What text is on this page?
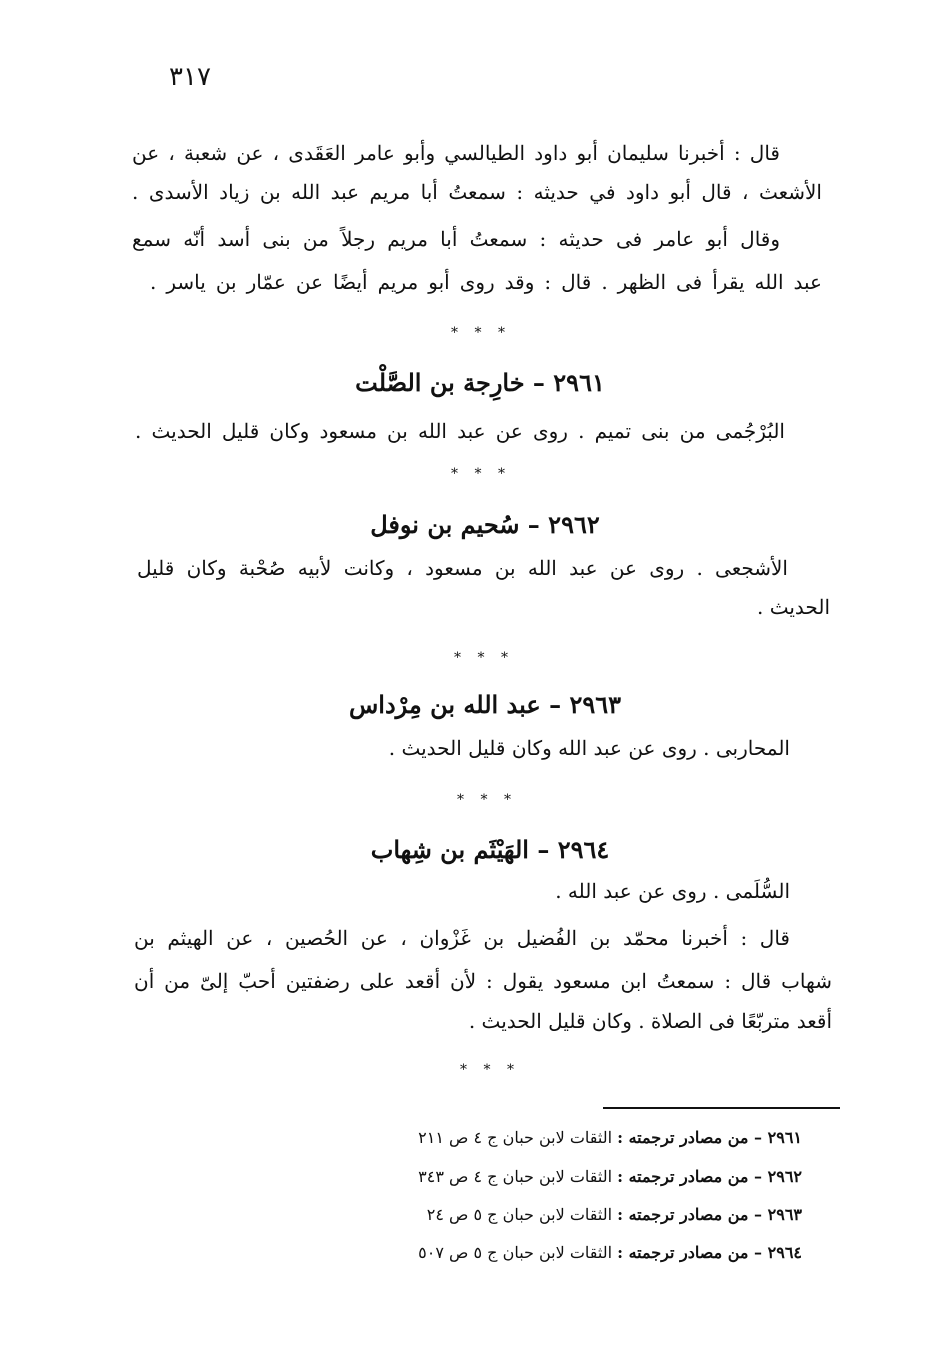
٣١٧
قال : أخبرنا سليمان أبو داود الطيالسي وأبو عامر العَقَدى ، عن شعبة ، عن
الأشعث ، قال أبو داود في حديثه : سمعتُ أبا مريم عبد الله بن زياد الأسدى .
وقال أبو عامر فى حديثه : سمعتُ أبا مريم رجلاً من بنى أسد أنّه سمع
عبد الله يقرأ فى الظهر . قال : وقد روى أبو مريم أيضًا عن عمّار بن ياسر .
* * *
٢٩٦١ – خارِجة بن الصَّلْت
البُرْجُمى من بنى تميم . روى عن عبد الله بن مسعود وكان قليل الحديث .
* * *
٢٩٦٢ – سُحيم بن نوفل
الأشجعى . روى عن عبد الله بن مسعود ، وكانت لأبيه صُحْبة وكان قليل
الحديث .
* * *
٢٩٦٣ – عبد الله بن مِرْداس
المحاربى . روى عن عبد الله وكان قليل الحديث .
* * *
٢٩٦٤ – الهَيْثَم بن شِهاب
السُّلَمى . روى عن عبد الله .
قال : أخبرنا محمّد بن الفُضيل بن غَزْوان ، عن الحُصين ، عن الهيثم بن
شهاب قال : سمعتُ ابن مسعود يقول : لأن أقعد على رضفتين أحبّ إلىّ من أن
أقعد متربّعًا فى الصلاة . وكان قليل الحديث .
* * *
٢٩٦١ – من مصادر ترجمته : الثقات لابن حبان ج ٤ ص ٢١١
٢٩٦٢ – من مصادر ترجمته : الثقات لابن حبان ج ٤ ص ٣٤٣
٢٩٦٣ – من مصادر ترجمته : الثقات لابن حبان ج ٥ ص ٢٤
٢٩٦٤ – من مصادر ترجمته : الثقات لابن حبان ج ٥ ص ٥٠٧
